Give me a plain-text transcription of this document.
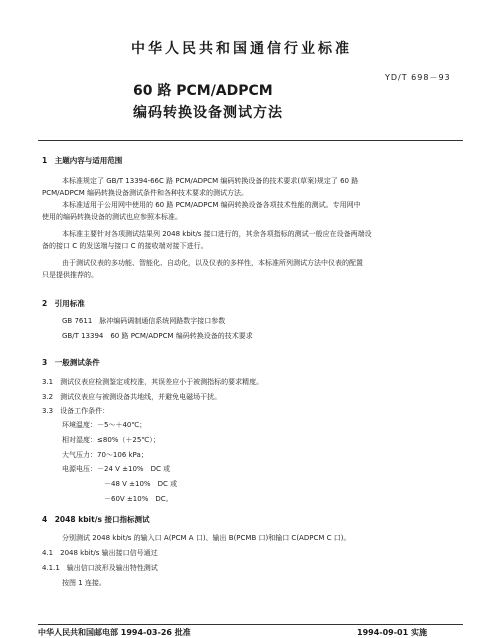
中华人民共和国通信行业标准
YD/T 698－93
60 路 PCM/ADPCM
编码转换设备测试方法
1　主题内容与适用范围
本标准规定了 GB/T 13394-66C 路 PCM/ADPCM 编码转换设备的技术要求(草案)规定了 60 路
PCM/ADPCM 编码转换设备测试条件和各种技术要求的测试方法。
本标准适用于公用网中使用的 60 路 PCM/ADPCM 编码转换设备各项技术性能的测试。专用网中
使用的编码转换设备的测试也应参照本标准。
本标准主要针对各项测试结果列 2048 kbit/s 接口进行的，其余各项指标的测试一般应在设备两端设
备的接口 C 的发送端与接口 C 的接收端对接下进行。
由于测试仪表的多功能、智能化、自动化，以及仪表的多样性，本标准所列测试方法中仪表的配置
只是提供推荐的。
2　引用标准
GB 7611　脉冲编码调制通信系统网路数字接口参数
GB/T 13394　60 路 PCM/ADPCM 编码转换设备的技术要求
3　一般测试条件
3.1　测试仪表应检测鉴定或校准，其误差应小于被测指标的要求精度。
3.2　测试仪表应与被测设备共地线，并避免电磁场干扰。
3.3　设备工作条件：
环境温度：－5～＋40℃；
相对湿度：≤80%（＋25℃）；
大气压力：70～106 kPa；
电源电压：－24 V ±10%　DC 或
－48 V ±10%　DC 或
－60V ±10%　DC。
4　2048 kbit/s 接口指标测试
分别测试 2048 kbit/s 的输入口 A(PCM A 口)、输出 B(PCMB 口)和输口 C(ADPCM C 口)。
4.1　2048 kbit/s 输出接口信号通过
4.1.1　输出信口波形及输出特性测试
按图 1 连接。
中华人民共和国邮电部 1994-03-26 批准	1994-09-01 实施
